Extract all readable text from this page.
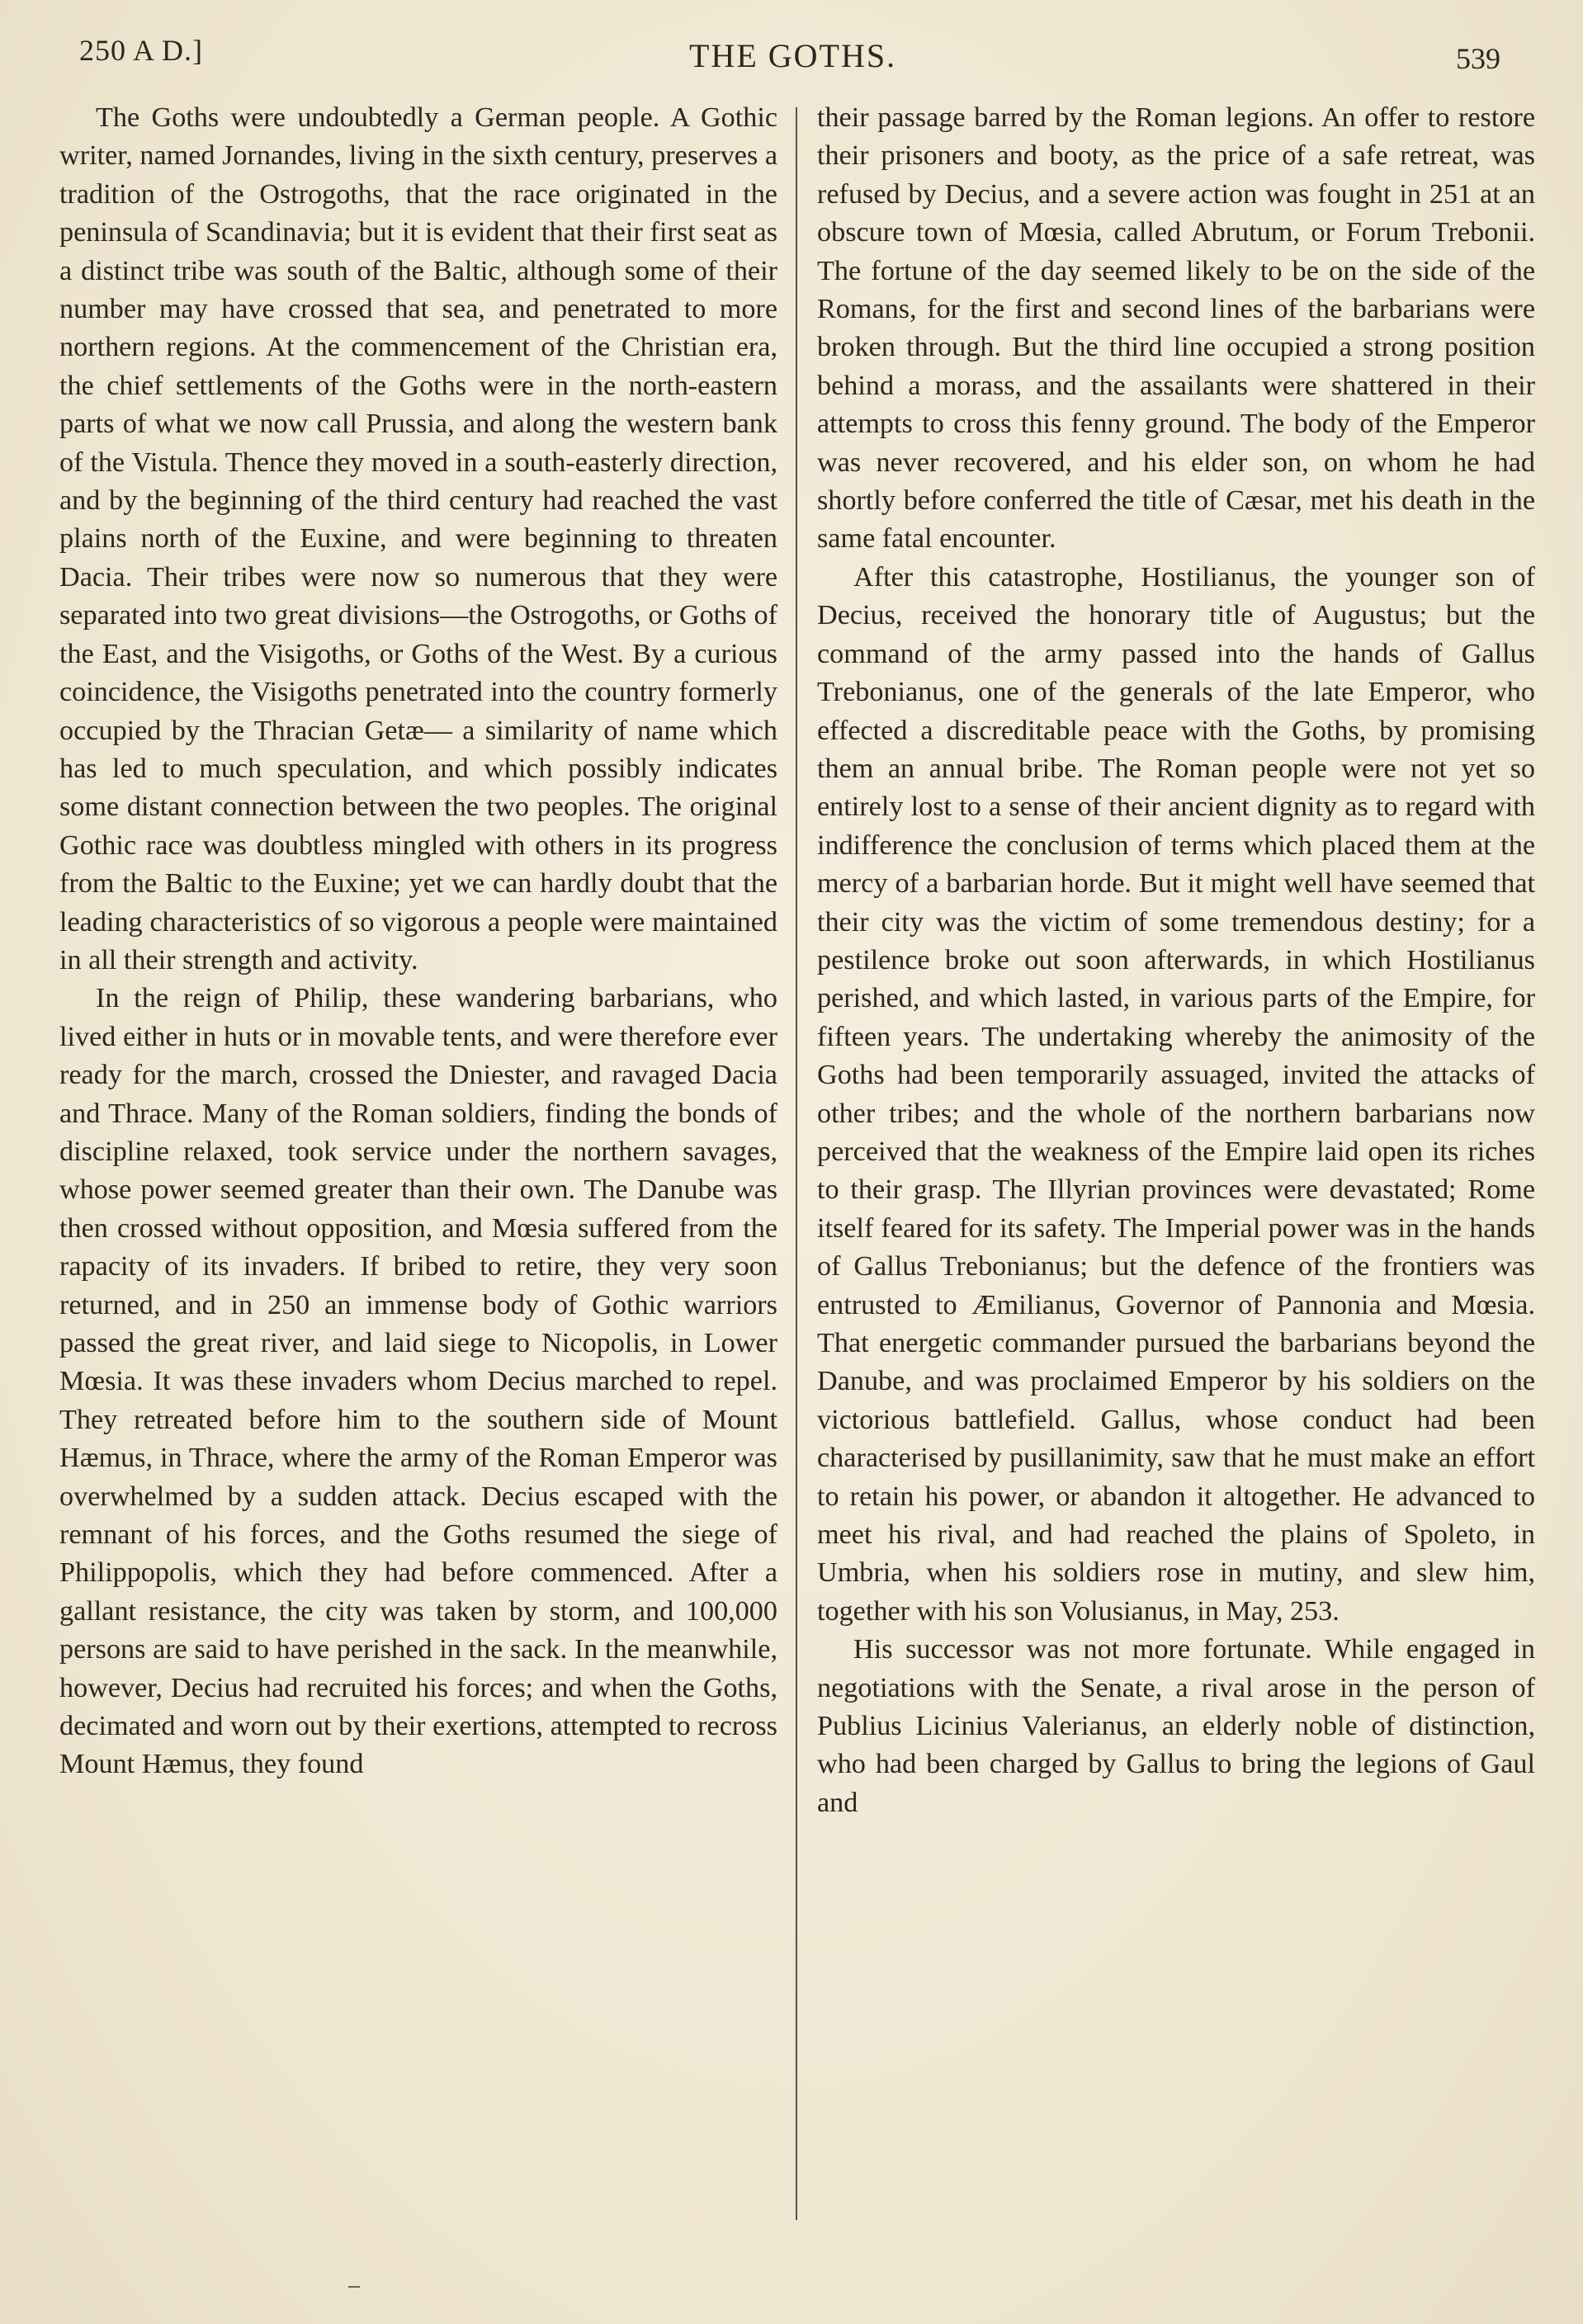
250 A D.]	THE GOTHS.	539

The Goths were undoubtedly a German people. A Gothic writer, named Jornandes, living in the sixth century, preserves a tradition of the Ostrogoths, that the race originated in the peninsula of Scandinavia; but it is evident that their first seat as a distinct tribe was south of the Baltic, although some of their number may have crossed that sea, and penetrated to more northern regions. At the commencement of the Christian era, the chief settlements of the Goths were in the north-eastern parts of what we now call Prussia, and along the western bank of the Vistula. Thence they moved in a south-easterly direction, and by the beginning of the third century had reached the vast plains north of the Euxine, and were beginning to threaten Dacia. Their tribes were now so numerous that they were separated into two great divisions—the Ostrogoths, or Goths of the East, and the Visigoths, or Goths of the West. By a curious coincidence, the Visigoths penetrated into the country formerly occupied by the Thracian Getæ— a similarity of name which has led to much speculation, and which possibly indicates some distant connection between the two peoples. The original Gothic race was doubtless mingled with others in its progress from the Baltic to the Euxine; yet we can hardly doubt that the leading characteristics of so vigorous a people were maintained in all their strength and activity.

In the reign of Philip, these wandering barbarians, who lived either in huts or in movable tents, and were therefore ever ready for the march, crossed the Dniester, and ravaged Dacia and Thrace. Many of the Roman soldiers, finding the bonds of discipline relaxed, took service under the northern savages, whose power seemed greater than their own. The Danube was then crossed without opposition, and Mœsia suffered from the rapacity of its invaders. If bribed to retire, they very soon returned, and in 250 an immense body of Gothic warriors passed the great river, and laid siege to Nicopolis, in Lower Mœsia. It was these invaders whom Decius marched to repel. They retreated before him to the southern side of Mount Hæmus, in Thrace, where the army of the Roman Emperor was overwhelmed by a sudden attack. Decius escaped with the remnant of his forces, and the Goths resumed the siege of Philippopolis, which they had before commenced. After a gallant resistance, the city was taken by storm, and 100,000 persons are said to have perished in the sack. In the meanwhile, however, Decius had recruited his forces; and when the Goths, decimated and worn out by their exertions, attempted to recross Mount Hæmus, they found

their passage barred by the Roman legions. An offer to restore their prisoners and booty, as the price of a safe retreat, was refused by Decius, and a severe action was fought in 251 at an obscure town of Mœsia, called Abrutum, or Forum Trebonii. The fortune of the day seemed likely to be on the side of the Romans, for the first and second lines of the barbarians were broken through. But the third line occupied a strong position behind a morass, and the assailants were shattered in their attempts to cross this fenny ground. The body of the Emperor was never recovered, and his elder son, on whom he had shortly before conferred the title of Cæsar, met his death in the same fatal encounter.

After this catastrophe, Hostilianus, the younger son of Decius, received the honorary title of Augustus; but the command of the army passed into the hands of Gallus Trebonianus, one of the generals of the late Emperor, who effected a discreditable peace with the Goths, by promising them an annual bribe. The Roman people were not yet so entirely lost to a sense of their ancient dignity as to regard with indifference the conclusion of terms which placed them at the mercy of a barbarian horde. But it might well have seemed that their city was the victim of some tremendous destiny; for a pestilence broke out soon afterwards, in which Hostilianus perished, and which lasted, in various parts of the Empire, for fifteen years. The undertaking whereby the animosity of the Goths had been temporarily assuaged, invited the attacks of other tribes; and the whole of the northern barbarians now perceived that the weakness of the Empire laid open its riches to their grasp. The Illyrian provinces were devastated; Rome itself feared for its safety. The Imperial power was in the hands of Gallus Trebonianus; but the defence of the frontiers was entrusted to Æmilianus, Governor of Pannonia and Mœsia. That energetic commander pursued the barbarians beyond the Danube, and was proclaimed Emperor by his soldiers on the victorious battlefield. Gallus, whose conduct had been characterised by pusillanimity, saw that he must make an effort to retain his power, or abandon it altogether. He advanced to meet his rival, and had reached the plains of Spoleto, in Umbria, when his soldiers rose in mutiny, and slew him, together with his son Volusianus, in May, 253.

His successor was not more fortunate. While engaged in negotiations with the Senate, a rival arose in the person of Publius Licinius Valerianus, an elderly noble of distinction, who had been charged by Gallus to bring the legions of Gaul and
